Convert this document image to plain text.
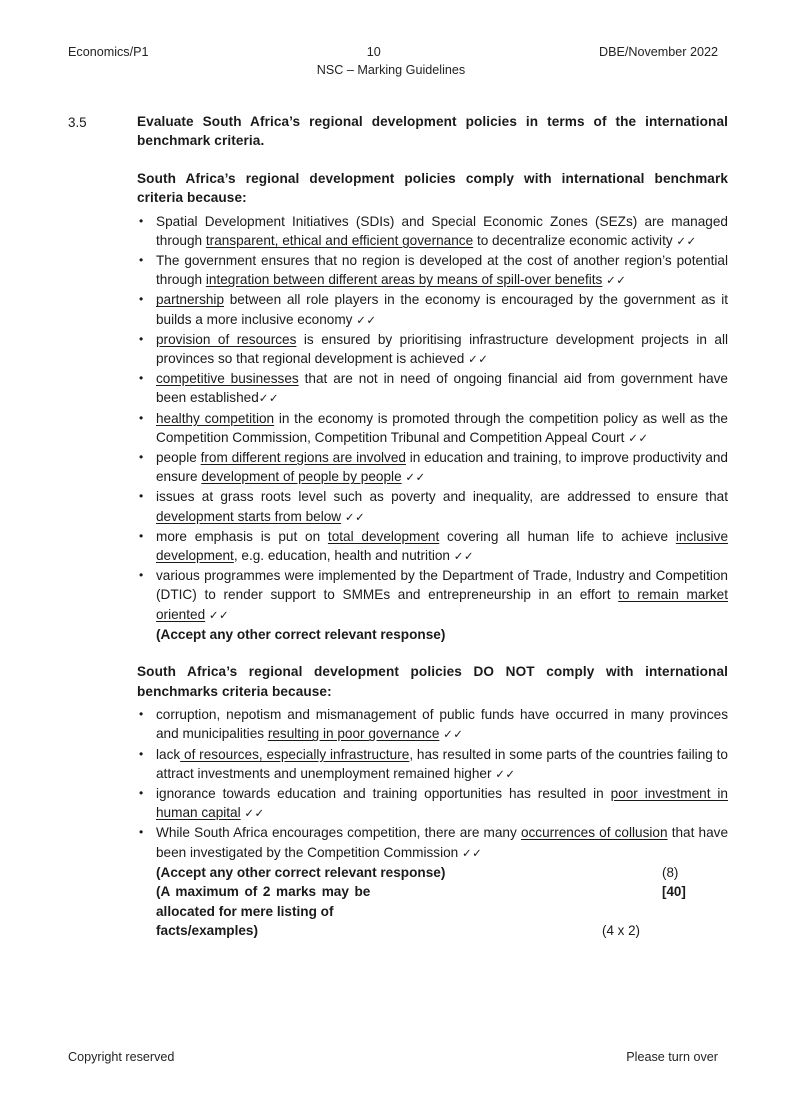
Economics/P1	10	DBE/November 2022
NSC – Marking Guidelines
3.5	Evaluate South Africa’s regional development policies in terms of the international benchmark criteria.
South Africa’s regional development policies comply with international benchmark criteria because:
• Spatial Development Initiatives (SDIs) and Special Economic Zones (SEZs) are managed through transparent, ethical and efficient governance to decentralize economic activity ✓✓
• The government ensures that no region is developed at the cost of another region’s potential through integration between different areas by means of spill-over benefits ✓✓
• partnership between all role players in the economy is encouraged by the government as it builds a more inclusive economy ✓✓
• provision of resources is ensured by prioritising infrastructure development projects in all provinces so that regional development is achieved ✓✓
• competitive businesses that are not in need of ongoing financial aid from government have been established✓✓
• healthy competition in the economy is promoted through the competition policy as well as the Competition Commission, Competition Tribunal and Competition Appeal Court ✓✓
• people from different regions are involved in education and training, to improve productivity and ensure development of people by people ✓✓
• issues at grass roots level such as poverty and inequality, are addressed to ensure that development starts from below ✓✓
• more emphasis is put on total development covering all human life to achieve inclusive development, e.g. education, health and nutrition ✓✓
• various programmes were implemented by the Department of Trade, Industry and Competition (DTIC) to render support to SMMEs and entrepreneurship in an effort to remain market oriented ✓✓
(Accept any other correct relevant response)
South Africa’s regional development policies DO NOT comply with international benchmarks criteria because:
• corruption, nepotism and mismanagement of public funds have occurred in many provinces and municipalities resulting in poor governance ✓✓
• lack of resources, especially infrastructure, has resulted in some parts of the countries failing to attract investments and unemployment remained higher ✓✓
• ignorance towards education and training opportunities has resulted in poor investment in human capital ✓✓
• While South Africa encourages competition, there are many occurrences of collusion that have been investigated by the Competition Commission ✓✓
(Accept any other correct relevant response)
(A maximum of 2 marks may be allocated for mere listing of
facts/examples)	(4 x 2)
(8)
[40]
Copyright reserved	Please turn over
